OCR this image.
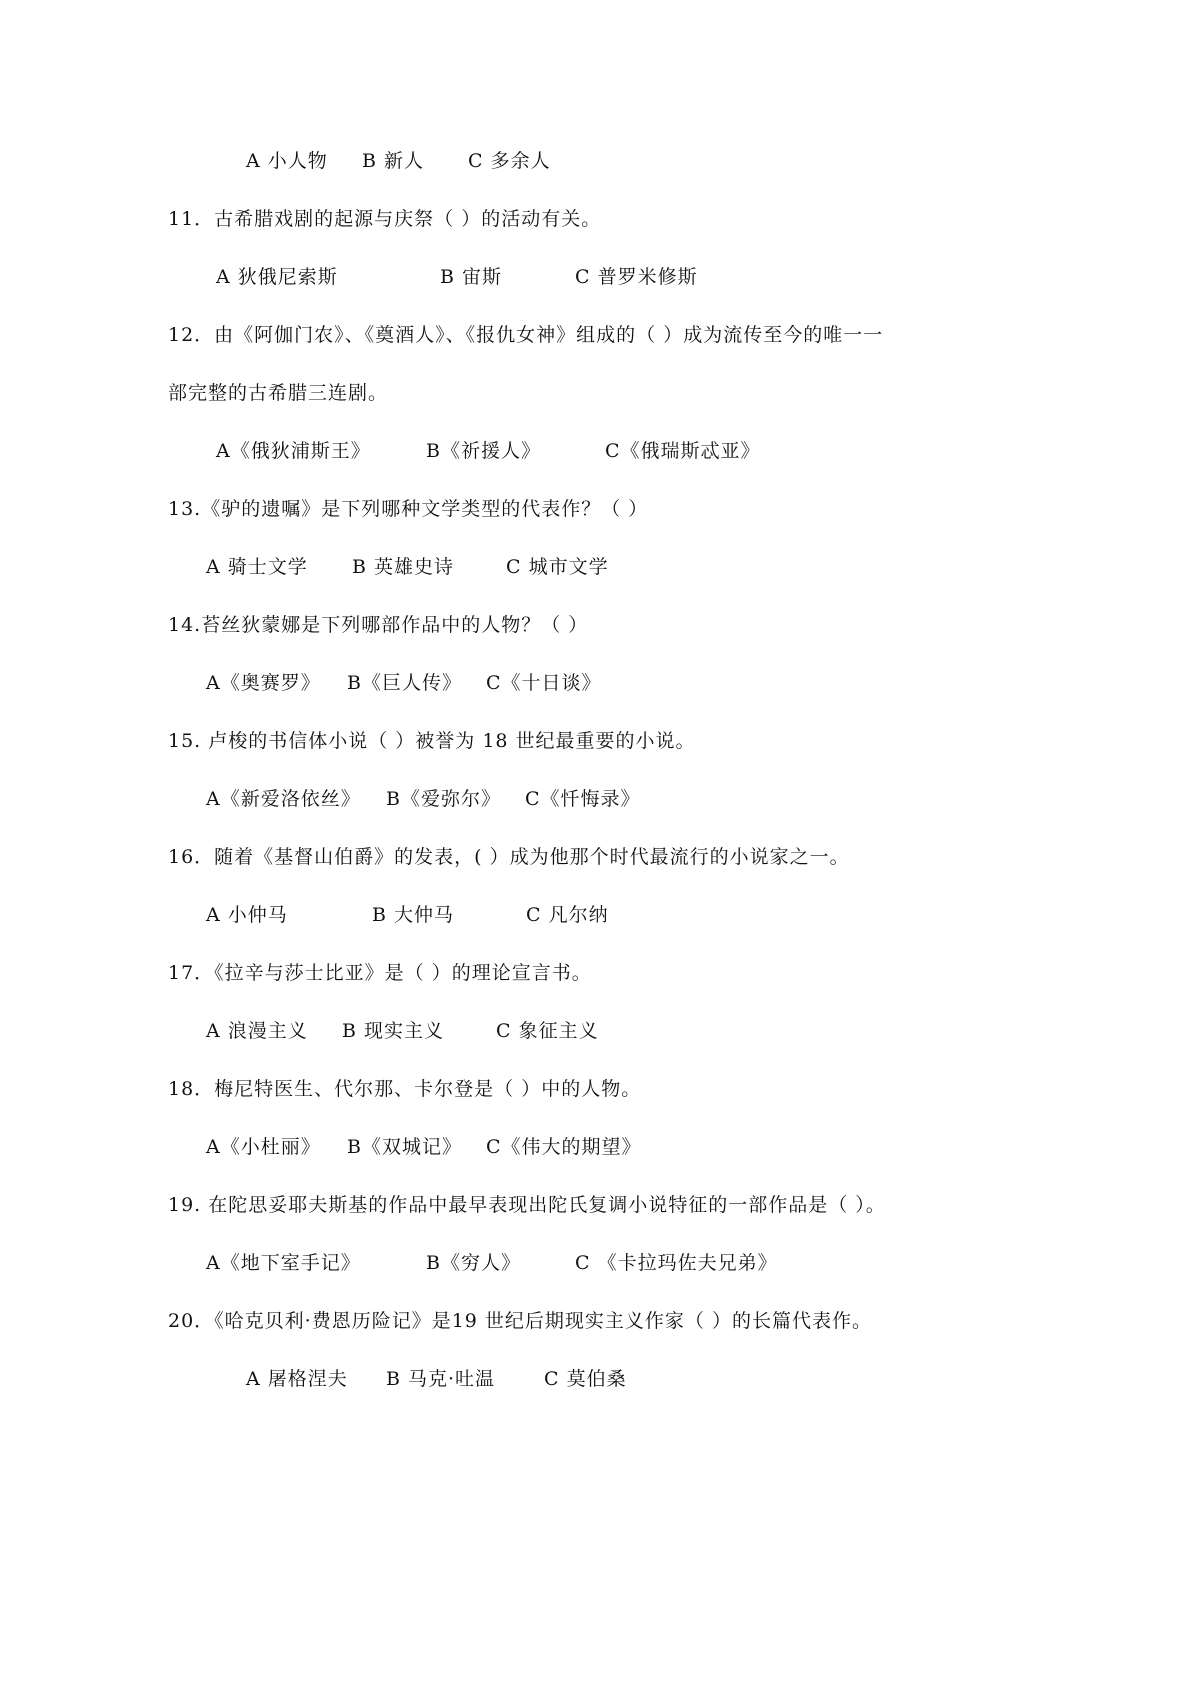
A 小人物 B 新人 C 多余人
11．古希腊戏剧的起源与庆祭（ ）的活动有关。
A 狄俄尼索斯	B 宙斯	C 普罗米修斯
12．由《阿伽门农》、《奠酒人》、《报仇女神》组成的（ ）成为流传至今的唯一一
部完整的古希腊三连剧。
A《俄狄浦斯王》	B《祈援人》	C《俄瑞斯忒亚》
13.《驴的遗嘱》是下列哪种文学类型的代表作？（ ）
A 骑士文学 B 英雄史诗	C 城市文学
14.苔丝狄蒙娜是下列哪部作品中的人物？（ ）
A《奥赛罗》 B《巨人传》 C《十日谈》
15. 卢梭的书信体小说（ ）被誉为 18 世纪最重要的小说。
A《新爱洛依丝》 B《爱弥尔》 C《忏悔录》
16．随着《基督山伯爵》的发表，( ）成为他那个时代最流行的小说家之一。
A 小仲马	B 大仲马	C 凡尔纳
17．《拉辛与莎士比亚》是（ ）的理论宣言书。
A 浪漫主义 B 现实主义	C 象征主义
18．梅尼特医生、代尔那、卡尔登是（ ）中的人物。
A《小杜丽》 B《双城记》 C《伟大的期望》
19. 在陀思妥耶夫斯基的作品中最早表现出陀氏复调小说特征的一部作品是（ ）。
A《地下室手记》	B《穷人》	C 《卡拉玛佐夫兄弟》
20．《哈克贝利·费恩历险记》是19 世纪后期现实主义作家（ ）的长篇代表作。
A 屠格涅夫 B 马克·吐温	C 莫伯桑
